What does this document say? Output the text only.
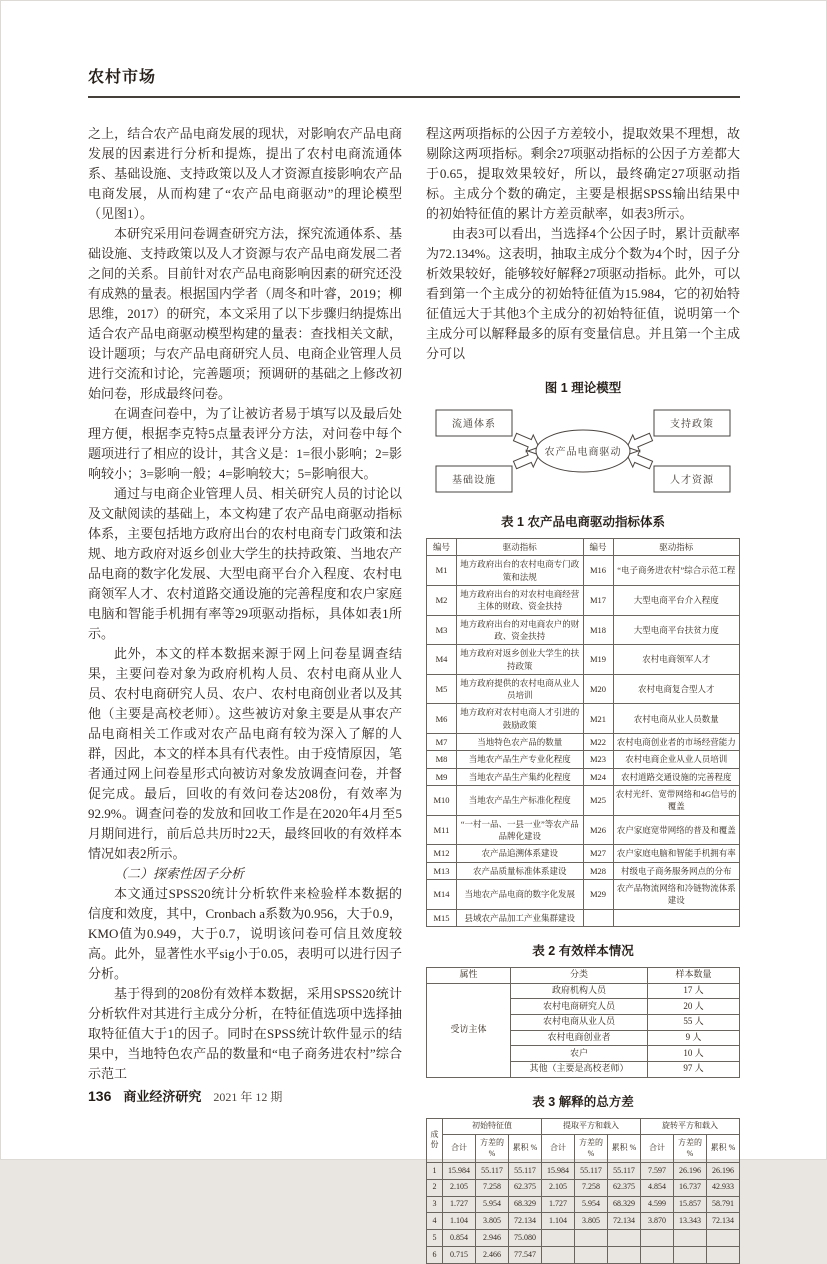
农村市场

之上，结合农产品电商发展的现状，对影响农产品电商发展的因素进行分析和提炼，提出了农村电商流通体系、基础设施、支持政策以及人才资源直接影响农产品电商发展，从而构建了“农产品电商驱动”的理论模型（见图1）。

本研究采用问卷调查研究方法，探究流通体系、基础设施、支持政策以及人才资源与农产品电商发展二者之间的关系。目前针对农产品电商影响因素的研究还没有成熟的量表。根据国内学者（周冬和叶睿，2019；柳思维，2017）的研究，本文采用了以下步骤归纳提炼出适合农产品电商驱动模型构建的量表：查找相关文献，设计题项；与农产品电商研究人员、电商企业管理人员进行交流和讨论，完善题项；预调研的基础之上修改初始问卷，形成最终问卷。

在调查问卷中，为了让被访者易于填写以及最后处理方便，根据李克特5点量表评分方法，对问卷中每个题项进行了相应的设计，其含义是：1=很小影响；2=影响较小；3=影响一般；4=影响较大；5=影响很大。

通过与电商企业管理人员、相关研究人员的讨论以及文献阅读的基础上，本文构建了农产品电商驱动指标体系，主要包括地方政府出台的农村电商专门政策和法规、地方政府对返乡创业大学生的扶持政策、当地农产品电商的数字化发展、大型电商平台介入程度、农村电商领军人才、农村道路交通设施的完善程度和农户家庭电脑和智能手机拥有率等29项驱动指标，具体如表1所示。

此外，本文的样本数据来源于网上问卷星调查结果，主要问卷对象为政府机构人员、农村电商从业人员、农村电商研究人员、农户、农村电商创业者以及其他（主要是高校老师）。这些被访对象主要是从事农产品电商相关工作或对农产品电商有较为深入了解的人群，因此，本文的样本具有代表性。由于疫情原因，笔者通过网上问卷星形式向被访对象发放调查问卷，并督促完成。最后，回收的有效问卷达208份，有效率为92.9%。调查问卷的发放和回收工作是在2020年4月至5月期间进行，前后总共历时22天，最终回收的有效样本情况如表2所示。

（二）探索性因子分析

本文通过SPSS20统计分析软件来检验样本数据的信度和效度，其中，Cronbach a系数为0.956，大于0.9，KMO值为0.949，大于0.7，说明该问卷可信且效度较高。此外，显著性水平sig小于0.05，表明可以进行因子分析。

基于得到的208份有效样本数据，采用SPSS20统计分析软件对其进行主成分分析，在特征值选项中选择抽取特征值大于1的因子。同时在SPSS统计软件显示的结果中，当地特色农产品的数量和“电子商务进农村”综合示范工

程这两项指标的公因子方差较小，提取效果不理想，故剔除这两项指标。剩余27项驱动指标的公因子方差都大于0.65，提取效果较好，所以，最终确定27项驱动指标。主成分个数的确定，主要是根据SPSS输出结果中的初始特征值的累计方差贡献率，如表3所示。

由表3可以看出，当选择4个公因子时，累计贡献率为72.134%。这表明，抽取主成分个数为4个时，因子分析效果较好，能够较好解释27项驱动指标。此外，可以看到第一个主成分的初始特征值为15.984，它的初始特征值远大于其他3个主成分的初始特征值，说明第一个主成分可以解释最多的原有变量信息。并且第一个主成分可以

图 1 理论模型
流通体系	支持政策
基础设施	人才资源
农产品电商驱动
表 1 农产品电商驱动指标体系
编号	驱动指标	编号	驱动指标
M1	地方政府出台的农村电商专门政策和法规	M16	“电子商务进农村”综合示范工程
M2	地方政府出台的对农村电商经营主体的财政、资金扶持	M17	大型电商平台介入程度
M3	地方政府出台的对电商农户的财政、资金扶持	M18	大型电商平台扶贫力度
M4	地方政府对返乡创业大学生的扶持政策	M19	农村电商领军人才
M5	地方政府提供的农村电商从业人员培训	M20	农村电商复合型人才
M6	地方政府对农村电商人才引进的鼓励政策	M21	农村电商从业人员数量
M7	当地特色农产品的数量	M22	农村电商创业者的市场经营能力
M8	当地农产品生产专业化程度	M23	农村电商企业从业人员培训
M9	当地农产品生产集约化程度	M24	农村道路交通设施的完善程度
M10	当地农产品生产标准化程度	M25	农村光纤、宽带网络和4G信号的覆盖
M11	“一村一品、一县一业”等农产品品牌化建设	M26	农户家庭宽带网络的普及和覆盖
M12	农产品追溯体系建设	M27	农户家庭电脑和智能手机拥有率
M13	农产品质量标准体系建设	M28	村级电子商务服务网点的分布
M14	当地农产品电商的数字化发展	M29	农产品物流网络和冷链物流体系建设
M15	县域农产品加工产业集群建设		
表 2 有效样本情况
属性	分类	样本数量
受访主体	政府机构人员	17 人
	农村电商研究人员	20 人
	农村电商从业人员	55 人
	农村电商创业者	9 人
	农户	10 人
	其他（主要是高校老师）	97 人
表 3 解释的总方差
成份	初始特征值			提取平方和载入			旋转平方和载入		
	合计	方差的 %	累积 %	合计	方差的 %	累积 %	合计	方差的 %	累积 %
1	15.984	55.117	55.117	15.984	55.117	55.117	7.597	26.196	26.196
2	2.105	7.258	62.375	2.105	7.258	62.375	4.854	16.737	42.933
3	1.727	5.954	68.329	1.727	5.954	68.329	4.599	15.857	58.791
4	1.104	3.805	72.134	1.104	3.805	72.134	3.870	13.343	72.134
5	0.854	2.946	75.080						
6	0.715	2.466	77.547						
136 商业经济研究 2021 年 12 期
